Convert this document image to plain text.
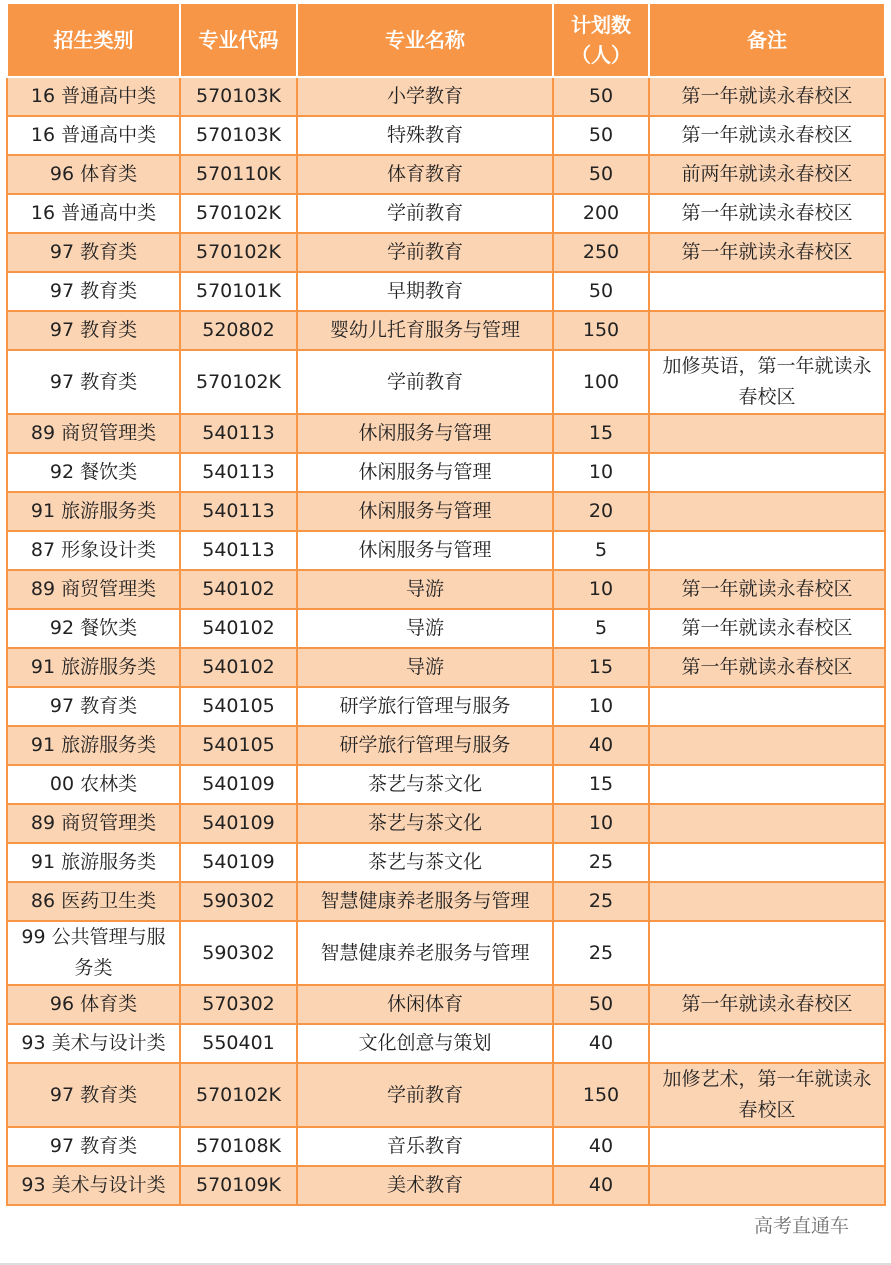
招生类别	专业代码	专业名称	计划数（人）	备注
16 普通高中类	570103K	小学教育	50	第一年就读永春校区
16 普通高中类	570103K	特殊教育	50	第一年就读永春校区
96 体育类	570110K	体育教育	50	前两年就读永春校区
16 普通高中类	570102K	学前教育	200	第一年就读永春校区
97 教育类	570102K	学前教育	250	第一年就读永春校区
97 教育类	570101K	早期教育	50	
97 教育类	520802	婴幼儿托育服务与管理	150	
97 教育类	570102K	学前教育	100	加修英语，第一年就读永春校区
89 商贸管理类	540113	休闲服务与管理	15	
92 餐饮类	540113	休闲服务与管理	10	
91 旅游服务类	540113	休闲服务与管理	20	
87 形象设计类	540113	休闲服务与管理	5	
89 商贸管理类	540102	导游	10	第一年就读永春校区
92 餐饮类	540102	导游	5	第一年就读永春校区
91 旅游服务类	540102	导游	15	第一年就读永春校区
97 教育类	540105	研学旅行管理与服务	10	
91 旅游服务类	540105	研学旅行管理与服务	40	
00 农林类	540109	茶艺与茶文化	15	
89 商贸管理类	540109	茶艺与茶文化	10	
91 旅游服务类	540109	茶艺与茶文化	25	
86 医药卫生类	590302	智慧健康养老服务与管理	25	
99 公共管理与服务类	590302	智慧健康养老服务与管理	25	
96 体育类	570302	休闲体育	50	第一年就读永春校区
93 美术与设计类	550401	文化创意与策划	40	
97 教育类	570102K	学前教育	150	加修艺术，第一年就读永春校区
97 教育类	570108K	音乐教育	40	
93 美术与设计类	570109K	美术教育	40	
高考直通车
